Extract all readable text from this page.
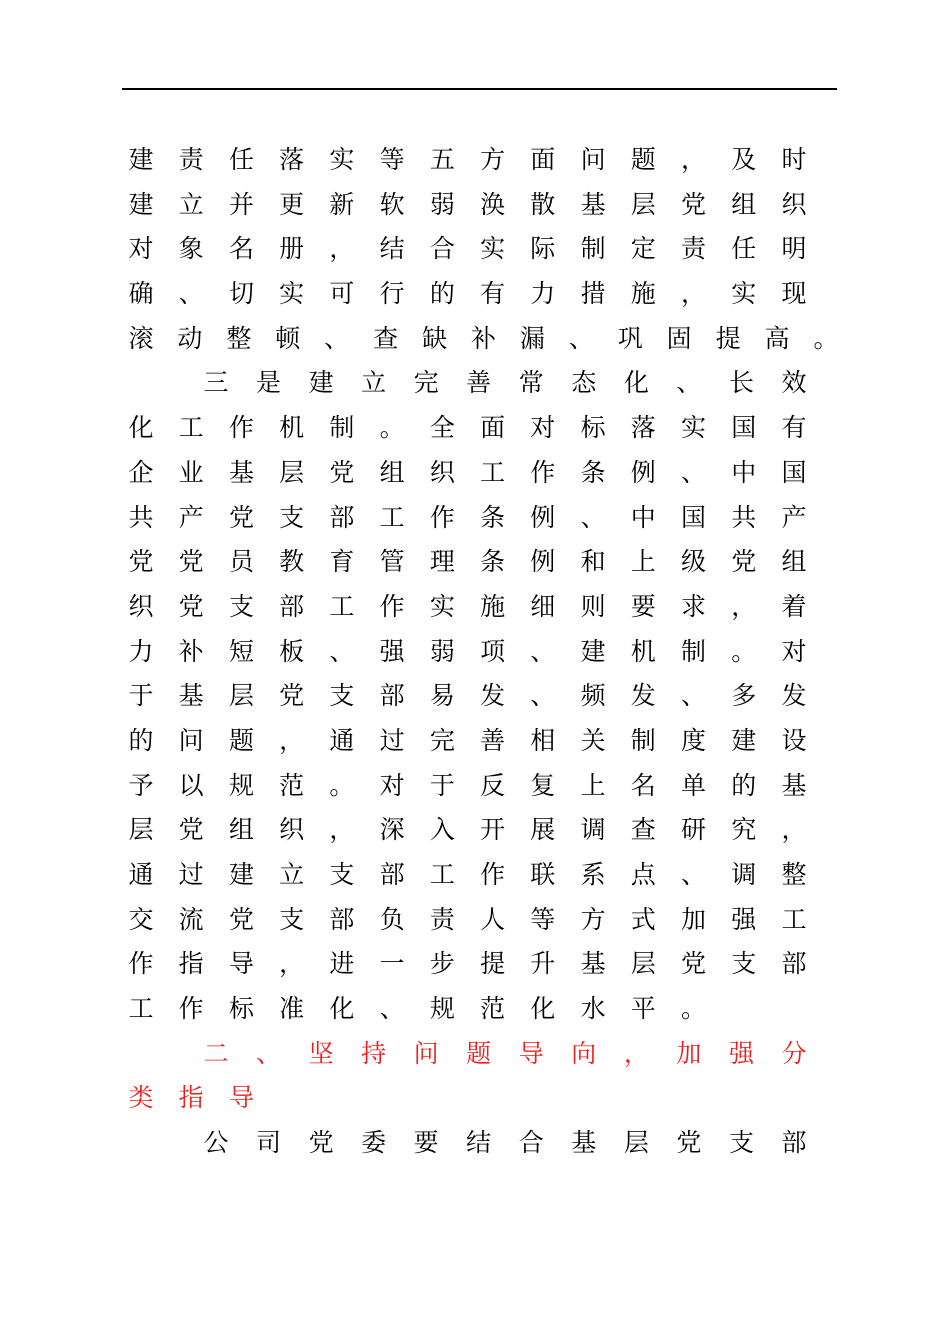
建 责 任 落 实 等 五 方 面 问 题 ， 及 时
建 立 并 更 新 软 弱 涣 散 基 层 党 组 织
对 象 名 册 ， 结 合 实 际 制 定 责 任 明
确 、 切 实 可 行 的 有 力 措 施 ， 实 现
滚 动 整 顿 、 查 缺 补 漏 、 巩 固 提 高 。
三 是 建 立 完 善 常 态 化 、 长 效
化 工 作 机 制 。 全 面 对 标 落 实 国 有
企 业 基 层 党 组 织 工 作 条 例 、 中 国
共 产 党 支 部 工 作 条 例 、 中 国 共 产
党 党 员 教 育 管 理 条 例 和 上 级 党 组
织 党 支 部 工 作 实 施 细 则 要 求 ， 着
力 补 短 板 、 强 弱 项 、 建 机 制 。 对
于 基 层 党 支 部 易 发 、 频 发 、 多 发
的 问 题 ， 通 过 完 善 相 关 制 度 建 设
予 以 规 范 。 对 于 反 复 上 名 单 的 基
层 党 组 织 ， 深 入 开 展 调 查 研 究 ，
通 过 建 立 支 部 工 作 联 系 点 、 调 整
交 流 党 支 部 负 责 人 等 方 式 加 强 工
作 指 导 ， 进 一 步 提 升 基 层 党 支 部
工 作 标 准 化 、 规 范 化 水 平 。
二 、 坚 持 问 题 导 向 ， 加 强 分
类 指 导
公 司 党 委 要 结 合 基 层 党 支 部
